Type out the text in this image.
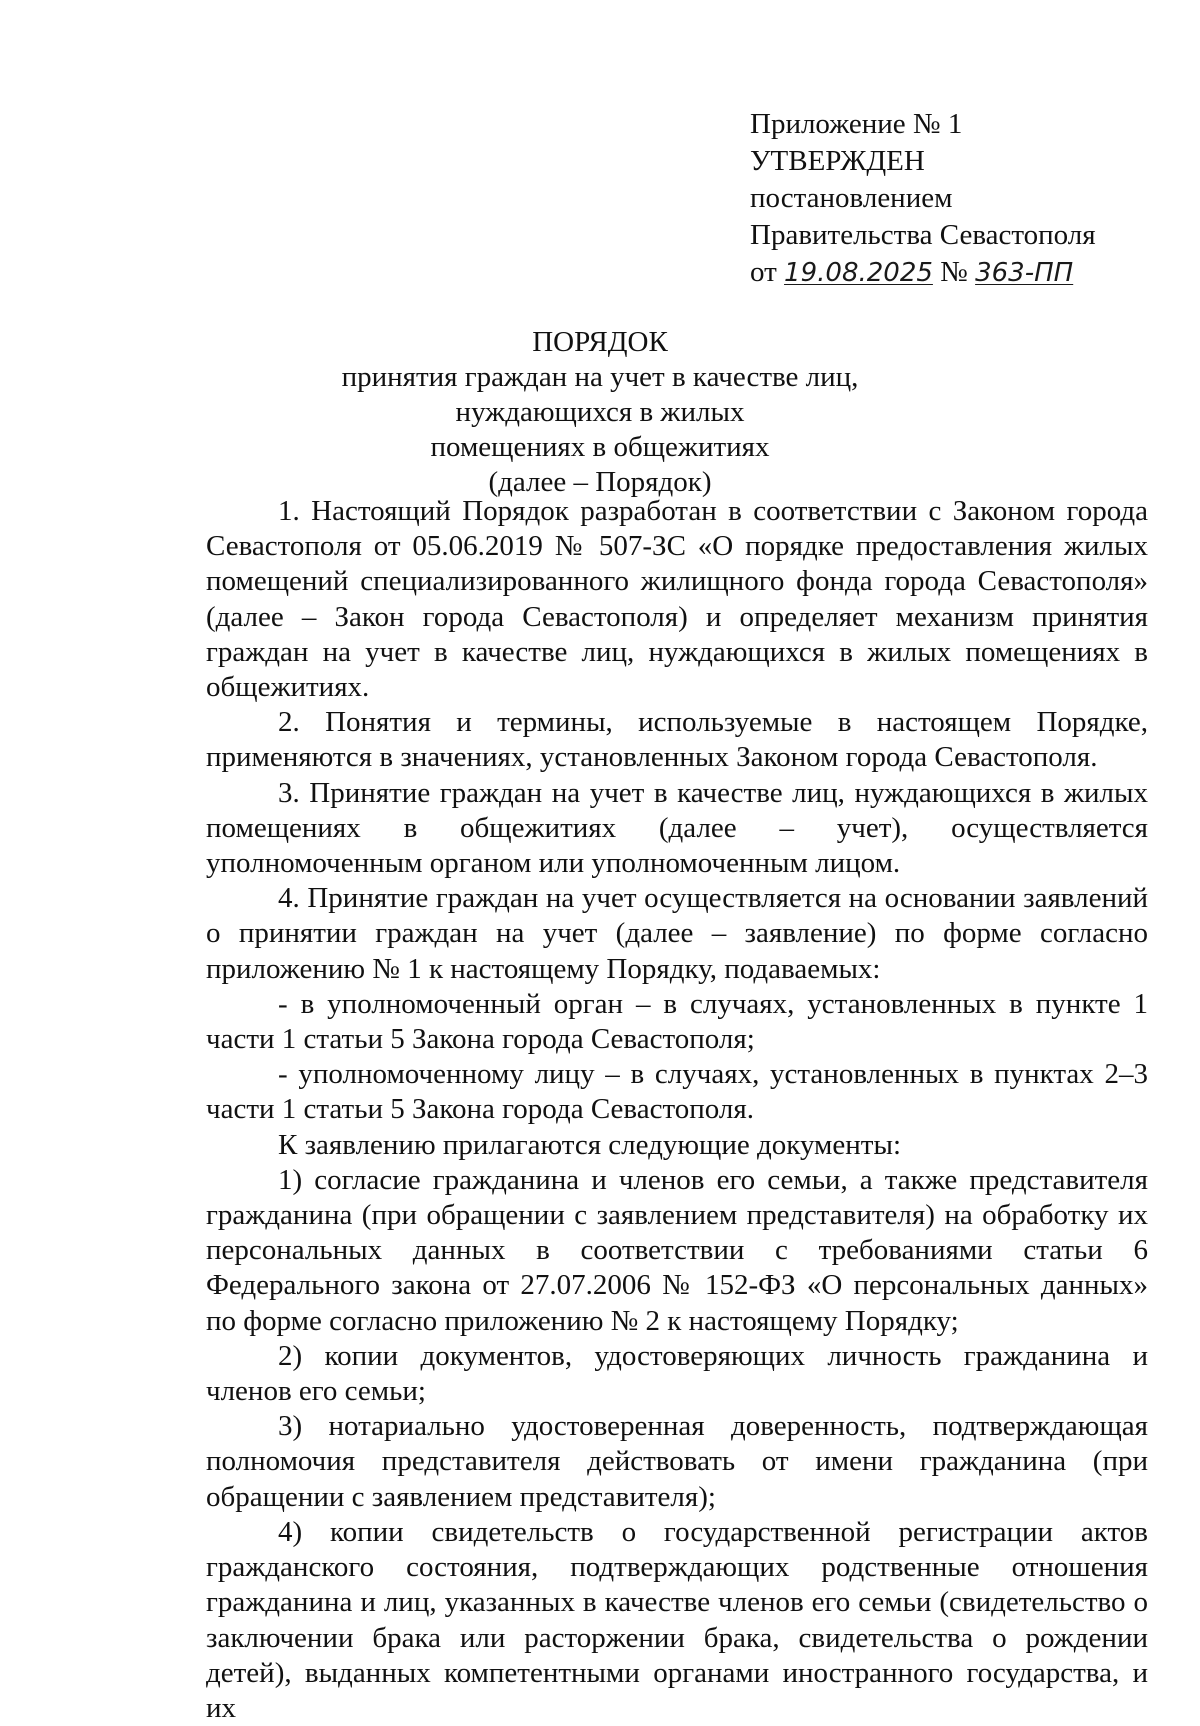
Приложение № 1
УТВЕРЖДЕН
постановлением
Правительства Севастополя
от 19.08.2025 № 363-ПП
ПОРЯДОК
принятия граждан на учет в качестве лиц, нуждающихся в жилых
помещениях в общежитиях
(далее – Порядок)

1. Настоящий Порядок разработан в соответствии с Законом города Севастополя от 05.06.2019 № 507-ЗС «О порядке предоставления жилых помещений специализированного жилищного фонда города Севастополя» (далее – Закон города Севастополя) и определяет механизм принятия граждан на учет в качестве лиц, нуждающихся в жилых помещениях в общежитиях.

2. Понятия и термины, используемые в настоящем Порядке, применяются в значениях, установленных Законом города Севастополя.

3. Принятие граждан на учет в качестве лиц, нуждающихся в жилых помещениях в общежитиях (далее – учет), осуществляется уполномоченным органом или уполномоченным лицом.

4. Принятие граждан на учет осуществляется на основании заявлений о принятии граждан на учет (далее – заявление) по форме согласно приложению № 1 к настоящему Порядку, подаваемых:

- в уполномоченный орган – в случаях, установленных в пункте 1 части 1 статьи 5 Закона города Севастополя;

- уполномоченному лицу – в случаях, установленных в пунктах 2–3 части 1 статьи 5 Закона города Севастополя.

К заявлению прилагаются следующие документы:

1) согласие гражданина и членов его семьи, а также представителя гражданина (при обращении с заявлением представителя) на обработку их персональных данных в соответствии с требованиями статьи 6 Федерального закона от 27.07.2006 № 152-ФЗ «О персональных данных» по форме согласно приложению № 2 к настоящему Порядку;

2) копии документов, удостоверяющих личность гражданина и членов его семьи;

3) нотариально удостоверенная доверенность, подтверждающая полномочия представителя действовать от имени гражданина (при обращении с заявлением представителя);

4) копии свидетельств о государственной регистрации актов гражданского состояния, подтверждающих родственные отношения гражданина и лиц, указанных в качестве членов его семьи (свидетельство о заключении брака или расторжении брака, свидетельства о рождении детей), выданных компетентными органами иностранного государства, и их
